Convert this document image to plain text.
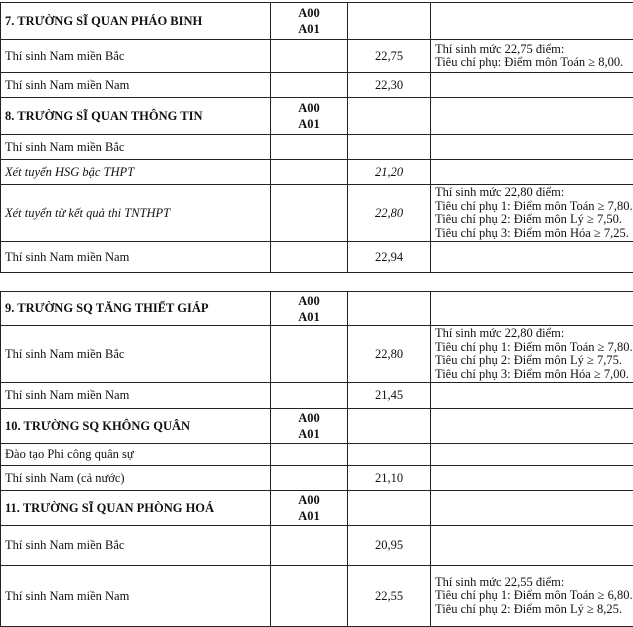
7. TRƯỜNG SĨ QUAN PHÁO BINH	A00
A01		

Thí sinh Nam miền Bắc		22,75	Thí sinh mức 22,75 điểm:
Tiêu chí phụ: Điểm môn Toán ≥ 8,00.

Thí sinh Nam miền Nam		22,30	
8. TRƯỜNG SĨ QUAN THÔNG TIN	A00
A01		

Thí sinh Nam miền Bắc			
Xét tuyển HSG bậc THPT		21,20	
Xét tuyển từ kết quả thi TNTHPT		22,80	Thí sinh mức 22,80 điểm:
Tiêu chí phụ 1: Điểm môn Toán ≥ 7,80.
Tiêu chí phụ 2: Điểm môn Lý ≥ 7,50.
Tiêu chí phụ 3: Điểm môn Hóa ≥ 7,25.

Thí sinh Nam miền Nam		22,94	
9. TRƯỜNG SQ TĂNG THIẾT GIÁP	A00
A01		

Thí sinh Nam miền Bắc		22,80	Thí sinh mức 22,80 điểm:
Tiêu chí phụ 1: Điểm môn Toán ≥ 7,80.
Tiêu chí phụ 2: Điểm môn Lý ≥ 7,75.
Tiêu chí phụ 3: Điểm môn Hóa ≥ 7,00.

Thí sinh Nam miền Nam		21,45	
10. TRƯỜNG SQ KHÔNG QUÂN	A00
A01		

Đào tạo Phi công quân sự			
Thí sinh Nam (cả nước)		21,10	
11. TRƯỜNG SĨ QUAN PHÒNG HOÁ	A00
A01		

Thí sinh Nam miền Bắc		20,95	
Thí sinh Nam miền Nam		22,55	Thí sinh mức 22,55 điểm:
Tiêu chí phụ 1: Điểm môn Toán ≥ 6,80.
Tiêu chí phụ 2: Điểm môn Lý ≥ 8,25.
